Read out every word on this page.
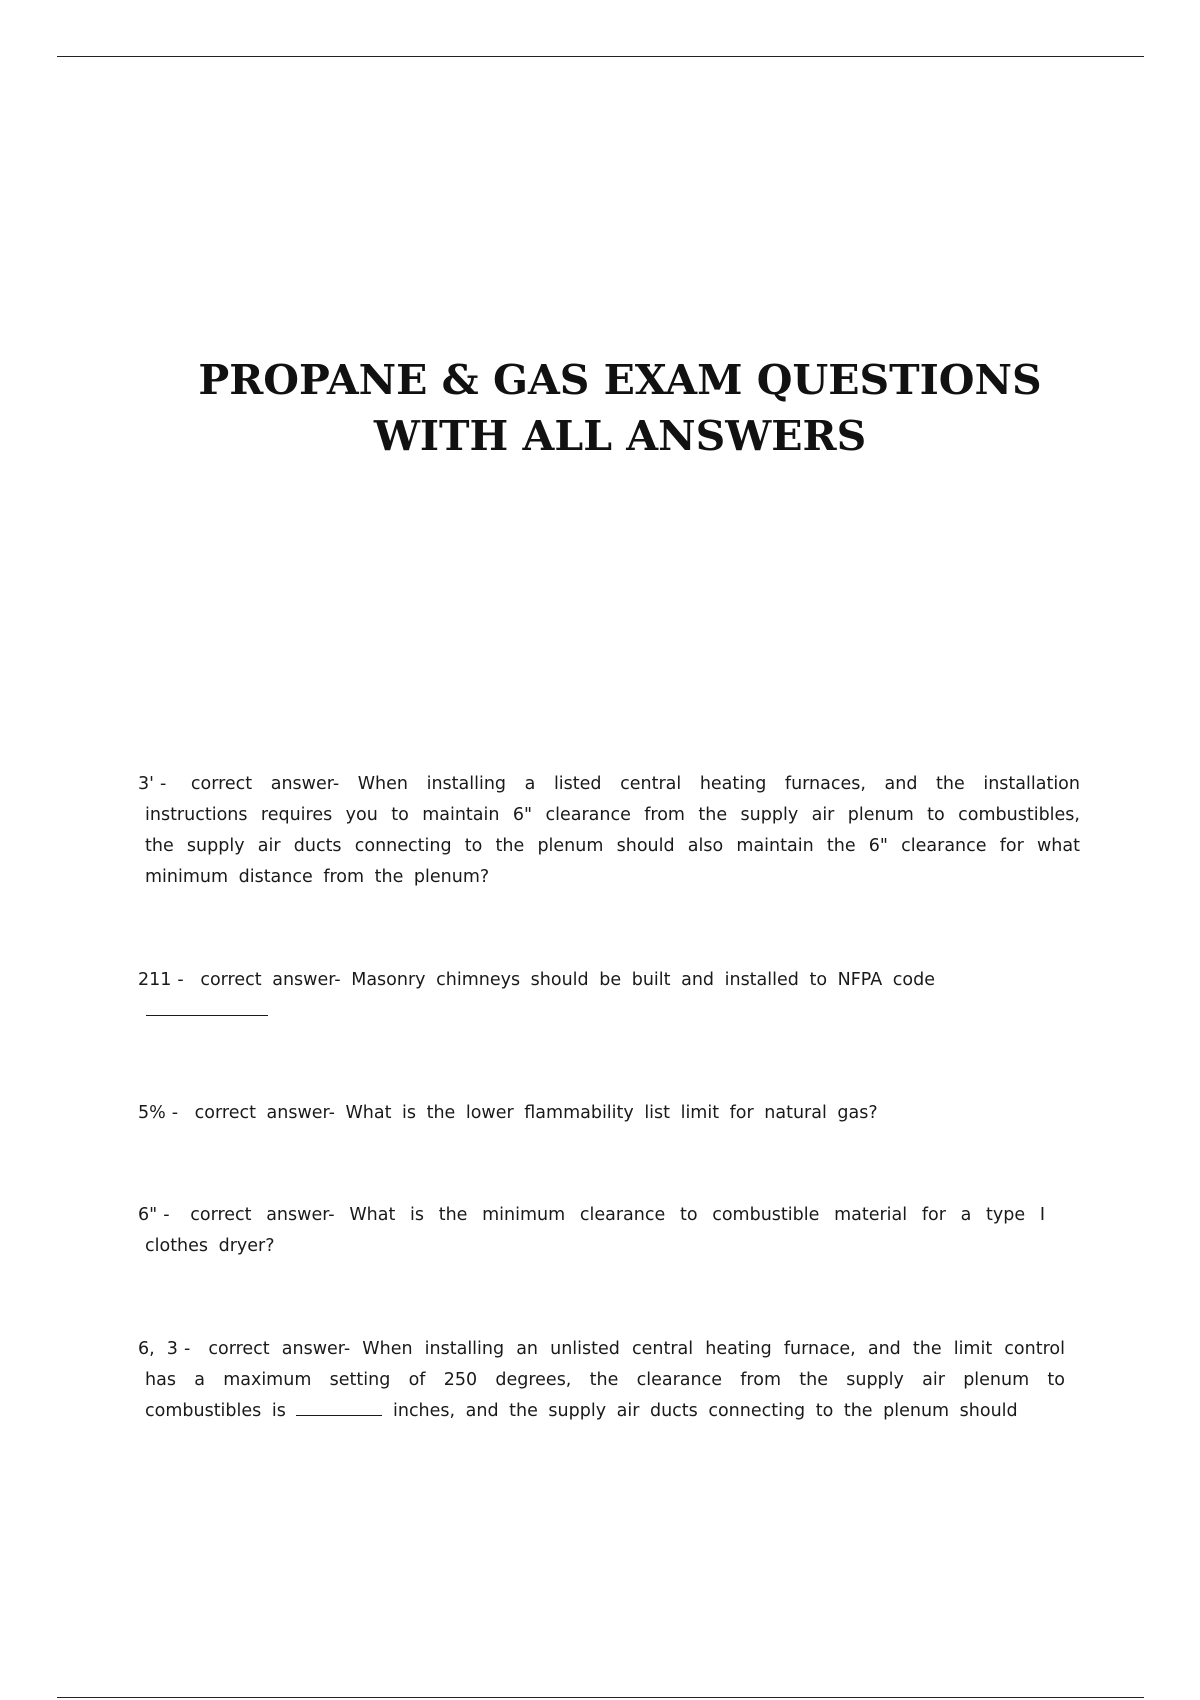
PROPANE & GAS EXAM QUESTIONS
WITH ALL ANSWERS
3' - correct answer- When installing a listed central heating furnaces, and the installation instructions requires you to maintain 6" clearance from the supply air plenum to combustibles, the supply air ducts connecting to the plenum should also maintain the 6" clearance for what minimum distance from the plenum?
211 - correct answer- Masonry chimneys should be built and installed to NFPA code
5% - correct answer- What is the lower flammability list limit for natural gas?
6" - correct answer- What is the minimum clearance to combustible material for a type I clothes dryer?
6, 3 - correct answer- When installing an unlisted central heating furnace, and the limit control has a maximum setting of 250 degrees, the clearance from the supply air plenum to combustibles is	inches, and the supply air ducts connecting to the plenum should
